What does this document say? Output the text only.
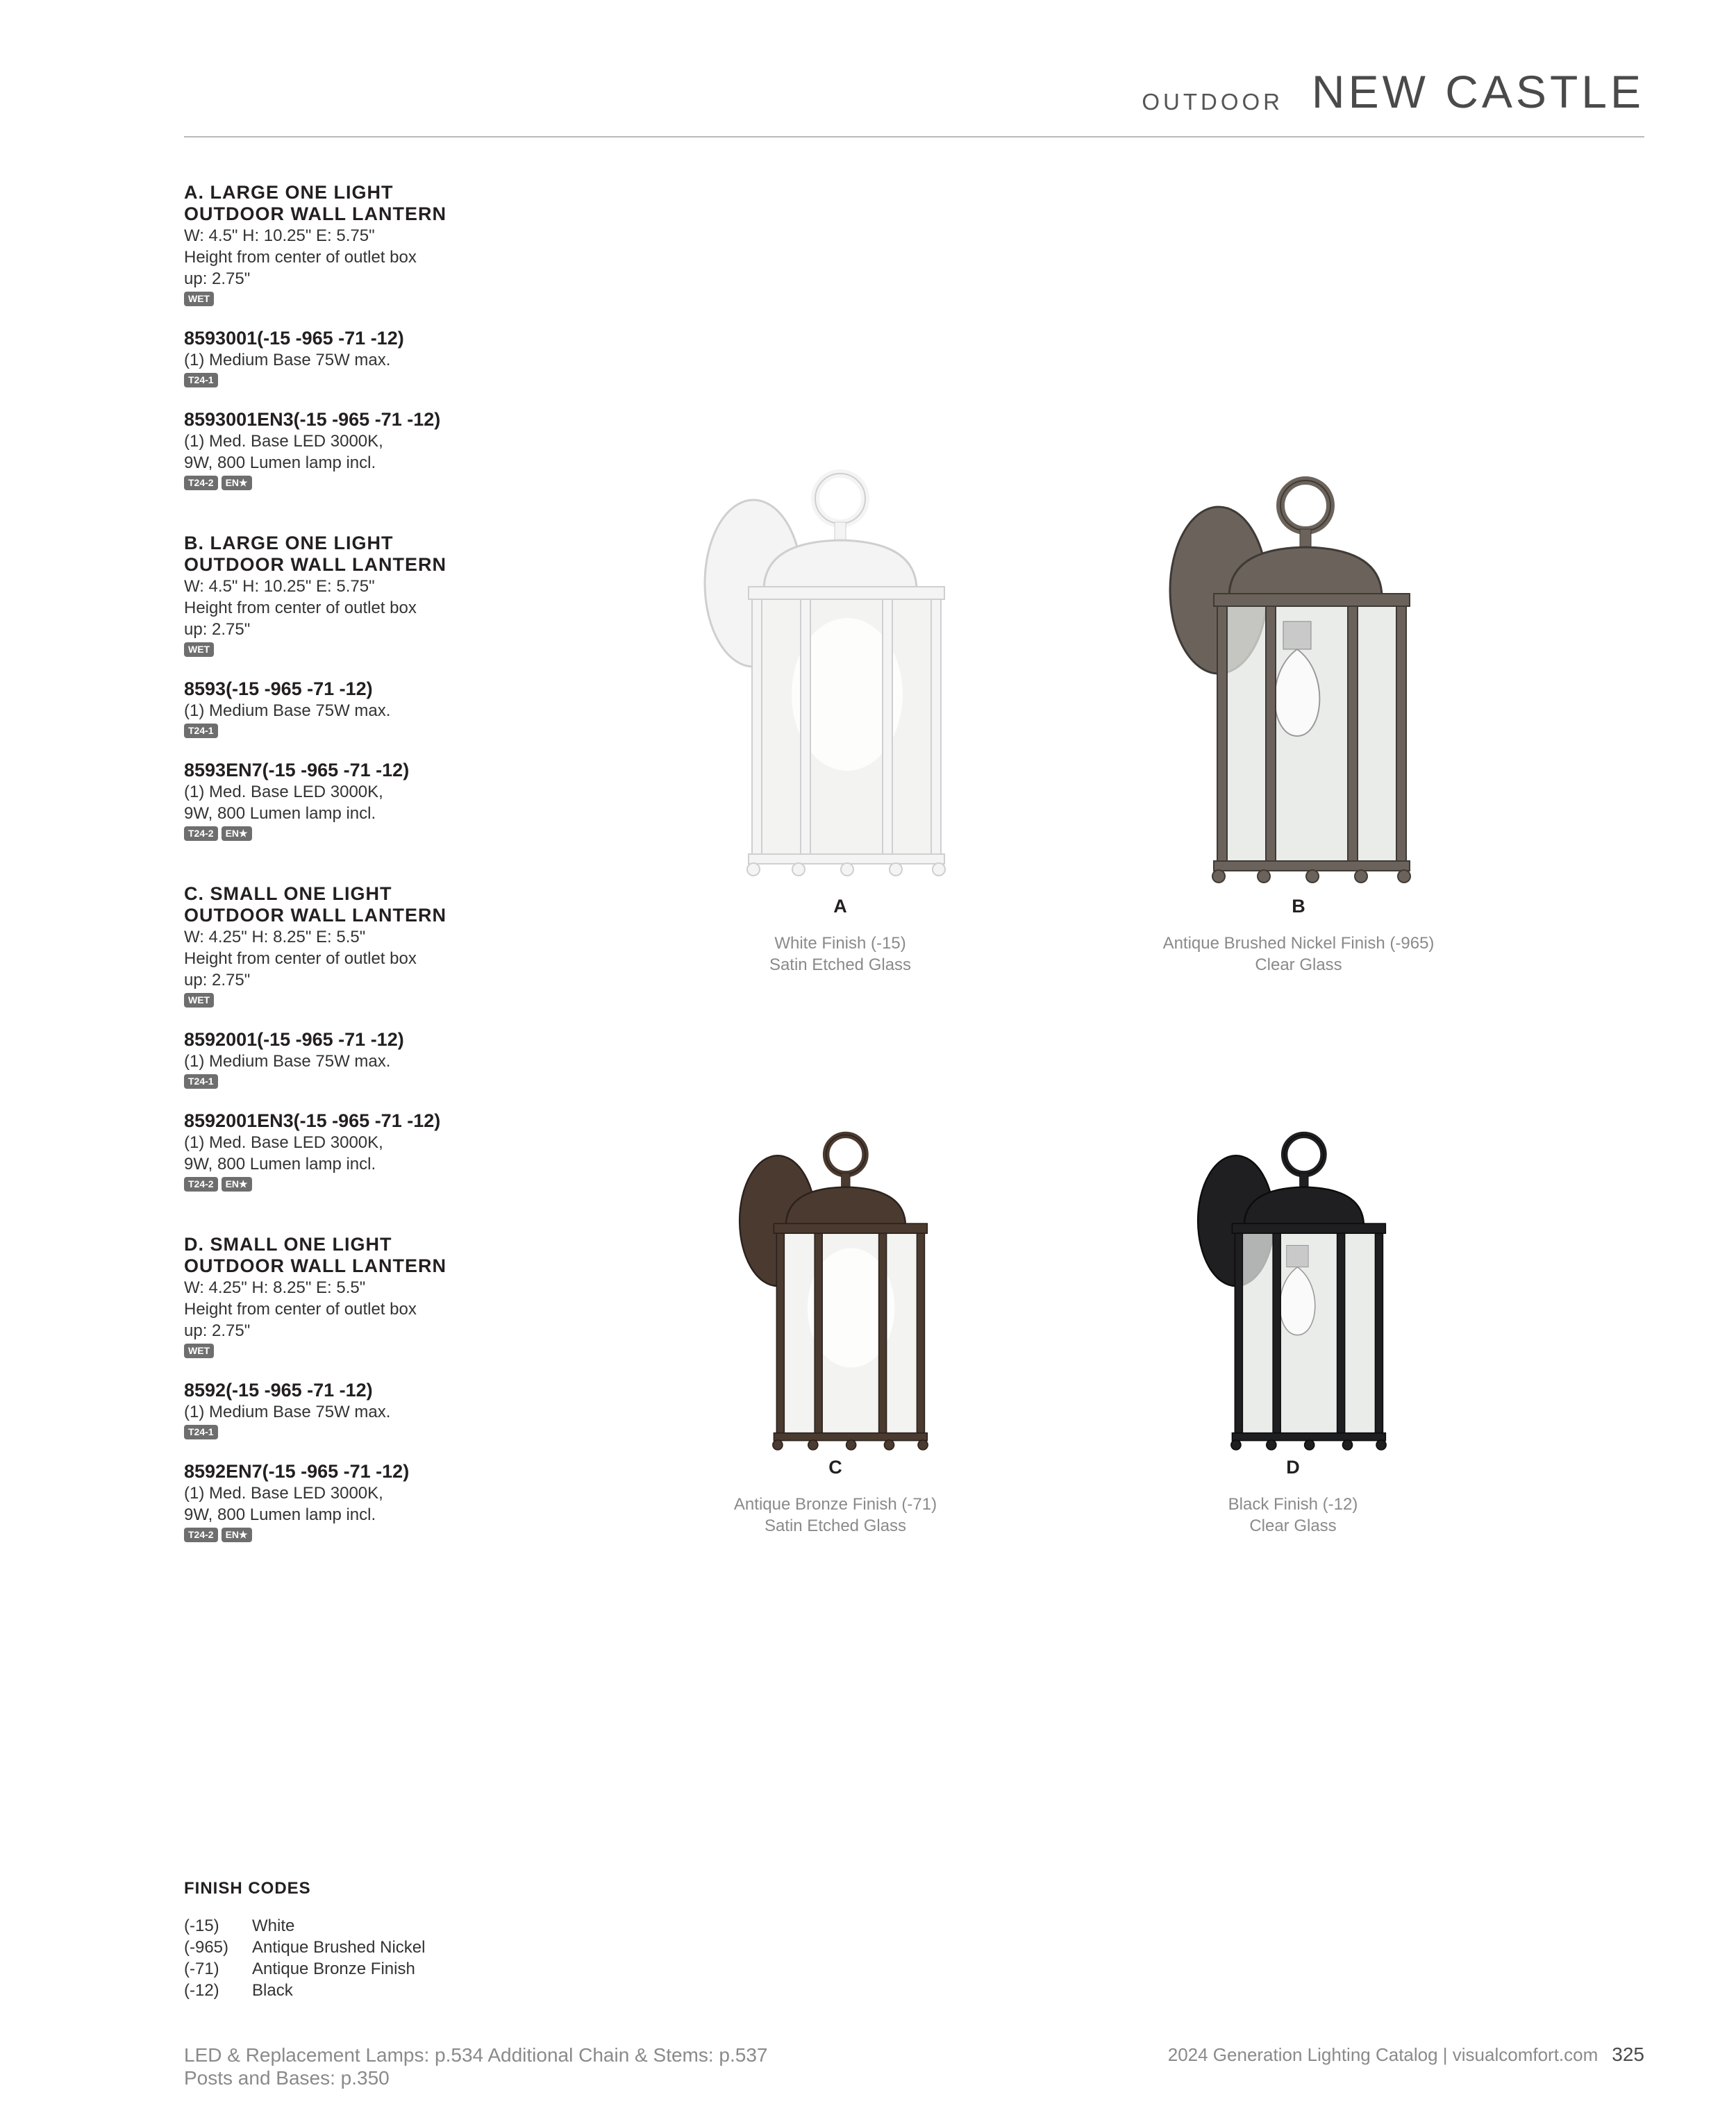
OUTDOOR NEW CASTLE
A. LARGE ONE LIGHT
OUTDOOR WALL LANTERN
W: 4.5" H: 10.25" E: 5.75"
Height from center of outlet box
up: 2.75"
WET
8593001(-15 -965 -71 -12)
(1) Medium Base 75W max.
T24-1
8593001EN3(-15 -965 -71 -12)
(1) Med. Base LED 3000K,
9W, 800 Lumen lamp incl.
T24-2 EN★
B. LARGE ONE LIGHT
OUTDOOR WALL LANTERN
W: 4.5" H: 10.25" E: 5.75"
Height from center of outlet box
up: 2.75"
WET
8593(-15 -965 -71 -12)
(1) Medium Base 75W max.
T24-1
8593EN7(-15 -965 -71 -12)
(1) Med. Base LED 3000K,
9W, 800 Lumen lamp incl.
T24-2 EN★
C. SMALL ONE LIGHT
OUTDOOR WALL LANTERN
W: 4.25" H: 8.25" E: 5.5"
Height from center of outlet box
up: 2.75"
WET
8592001(-15 -965 -71 -12)
(1) Medium Base 75W max.
T24-1
8592001EN3(-15 -965 -71 -12)
(1) Med. Base LED 3000K,
9W, 800 Lumen lamp incl.
T24-2 EN★
D. SMALL ONE LIGHT
OUTDOOR WALL LANTERN
W: 4.25" H: 8.25" E: 5.5"
Height from center of outlet box
up: 2.75"
WET
8592(-15 -965 -71 -12)
(1) Medium Base 75W max.
T24-1
8592EN7(-15 -965 -71 -12)
(1) Med. Base LED 3000K,
9W, 800 Lumen lamp incl.
T24-2 EN★
A
White Finish (-15)
Satin Etched Glass
B
Antique Brushed Nickel Finish (-965)
Clear Glass
C
Antique Bronze Finish (-71)
Satin Etched Glass
D
Black Finish (-12)
Clear Glass
FINISH CODES
(-15)	White
(-965)	Antique Brushed Nickel
(-71)	Antique Bronze Finish
(-12)	Black
LED & Replacement Lamps: p.534 Additional Chain & Stems: p.537
Posts and Bases: p.350
2024 Generation Lighting Catalog | visualcomfort.com 325
